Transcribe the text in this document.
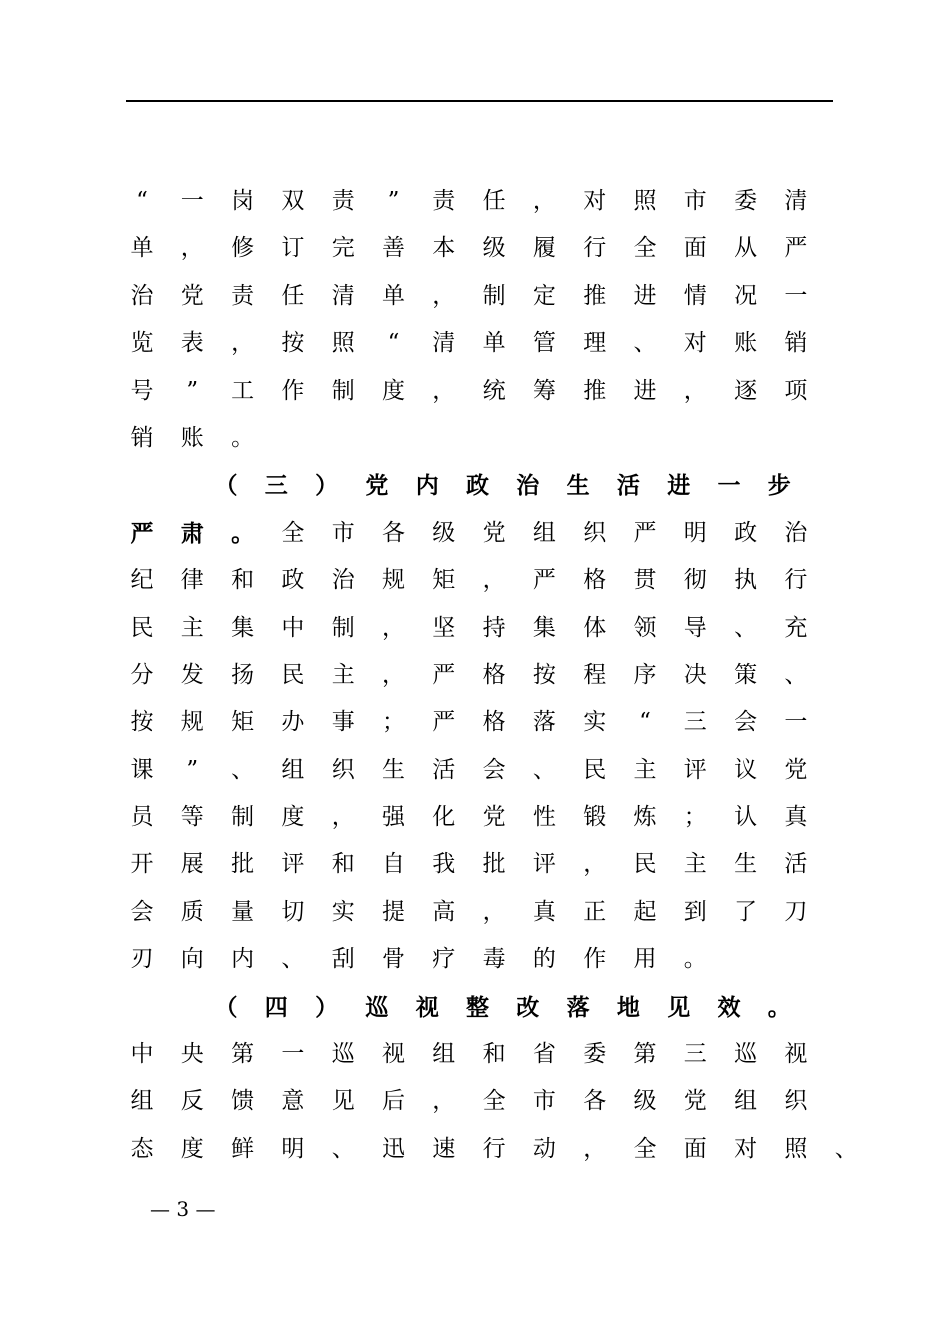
“ 一 岗 双 责 ” 责 任 ， 对 照 市 委 清
单 ， 修 订 完 善 本 级 履 行 全 面 从 严
治 党 责 任 清 单 ， 制 定 推 进 情 况 一
览 表 ， 按 照 “ 清 单 管 理 、 对 账 销
号 ” 工 作 制 度 ， 统 筹 推 进 ， 逐 项
销 账 。
（ 三 ） 党 内 政 治 生 活 进 一 步
严 肃 。 全 市 各 级 党 组 织 严 明 政 治
纪 律 和 政 治 规 矩 ， 严 格 贯 彻 执 行
民 主 集 中 制 ， 坚 持 集 体 领 导 、 充
分 发 扬 民 主 ， 严 格 按 程 序 决 策 、
按 规 矩 办 事 ； 严 格 落 实 “ 三 会 一
课 ” 、 组 织 生 活 会 、 民 主 评 议 党
员 等 制 度 ， 强 化 党 性 锻 炼 ； 认 真
开 展 批 评 和 自 我 批 评 ， 民 主 生 活
会 质 量 切 实 提 高 ， 真 正 起 到 了 刀
刃 向 内 、 刮 骨 疗 毒 的 作 用 。
（ 四 ） 巡 视 整 改 落 地 见 效 。
中 央 第 一 巡 视 组 和 省 委 第 三 巡 视
组 反 馈 意 见 后 ， 全 市 各 级 党 组 织
态 度 鲜 明 、 迅 速 行 动 ， 全 面 对 照 、
— 3 —
